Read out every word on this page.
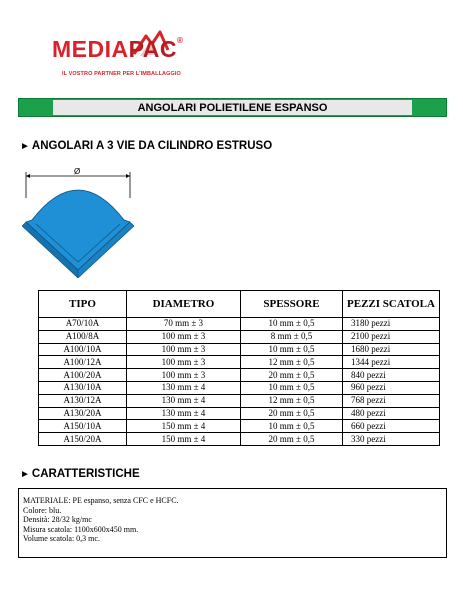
MEDIAPAC®
IL VOSTRO PARTNER PER L'IMBALLAGGIO
ANGOLARI POLIETILENE ESPANSO
► ANGOLARI A 3 VIE DA CILINDRO ESTRUSO
Ø
TIPO	DIAMETRO	SPESSORE	PEZZI SCATOLA
A70/10A	70 mm ± 3	10 mm ± 0,5	3180 pezzi
A100/8A	100 mm ± 3	8 mm ± 0,5	2100 pezzi
A100/10A	100 mm ± 3	10 mm ± 0,5	1680 pezzi
A100/12A	100 mm ± 3	12 mm ± 0,5	1344 pezzi
A100/20A	100 mm ± 3	20 mm ± 0,5	840 pezzi
A130/10A	130 mm ± 4	10 mm ± 0,5	960 pezzi
A130/12A	130 mm ± 4	12 mm ± 0,5	768 pezzi
A130/20A	130 mm ± 4	20 mm ± 0,5	480 pezzi
A150/10A	150 mm ± 4	10 mm ± 0,5	660 pezzi
A150/20A	150 mm ± 4	20 mm ± 0,5	330 pezzi
► CARATTERISTICHE
MATERIALE: PE espanso, senza CFC e HCFC.
Colore: blu.
Densità: 28/32 kg/mc
Misura scatola: 1100x600x450 mm.
Volume scatola: 0,3 mc.
